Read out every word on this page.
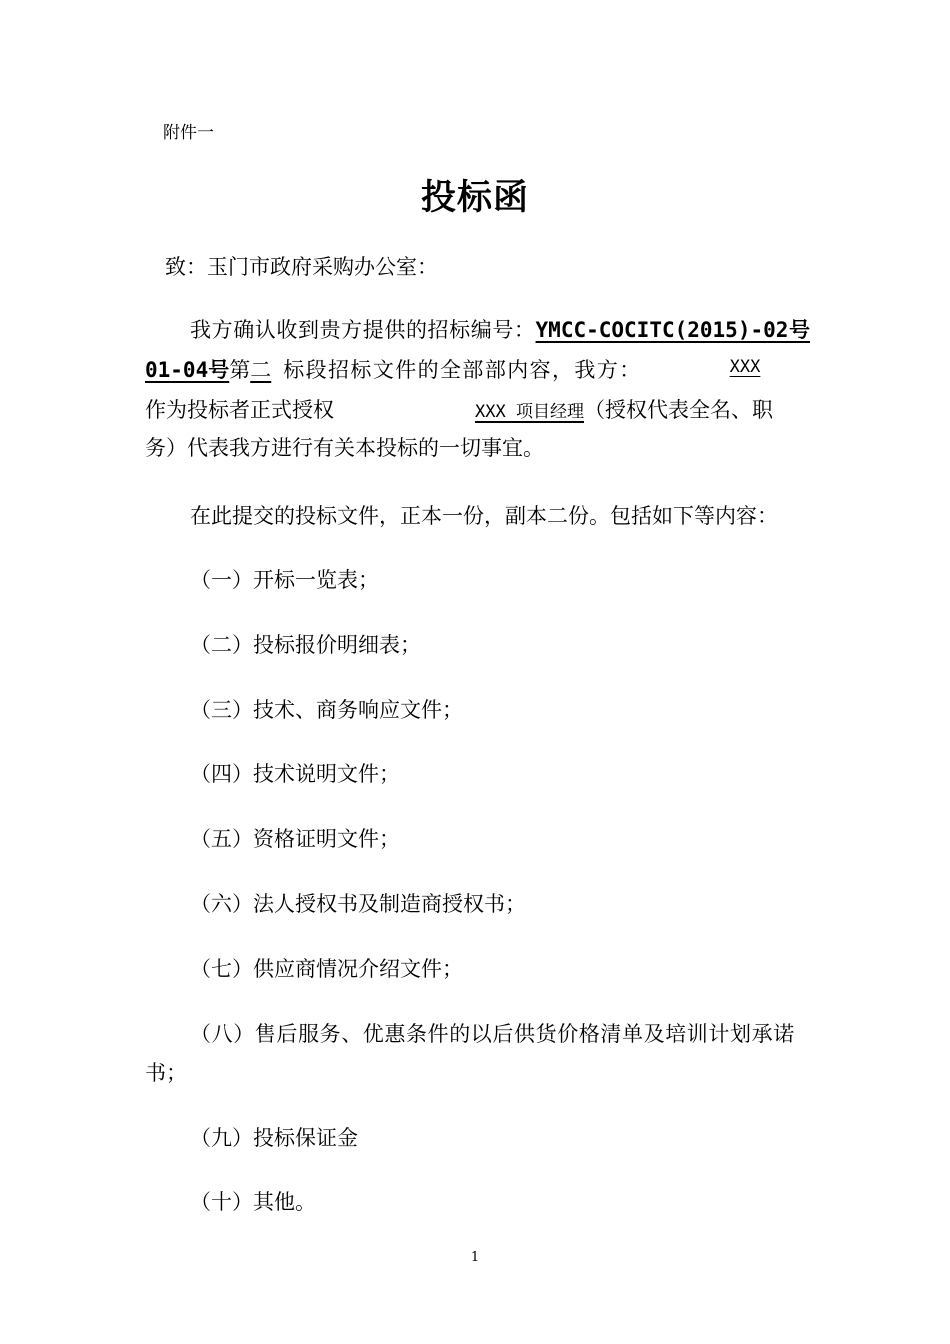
附件一
投标函
致：玉门市政府采购办公室：
我方确认收到贵方提供的招标编号：YMCC-COCITC(2015)-02号
01-04号第二 标段招标文件的全部部内容，我方：	XXX
作为投标者正式授权	XXX 项目经理（授权代表全名、职
务）代表我方进行有关本投标的一切事宜。
在此提交的投标文件，正本一份，副本二份。包括如下等内容：
（一）开标一览表；
（二）投标报价明细表；
（三）技术、商务响应文件；
（四）技术说明文件；
（五）资格证明文件；
（六）法人授权书及制造商授权书；
（七）供应商情况介绍文件；
（八）售后服务、优惠条件的以后供货价格清单及培训计划承诺
书；
（九）投标保证金
（十）其他。
1
